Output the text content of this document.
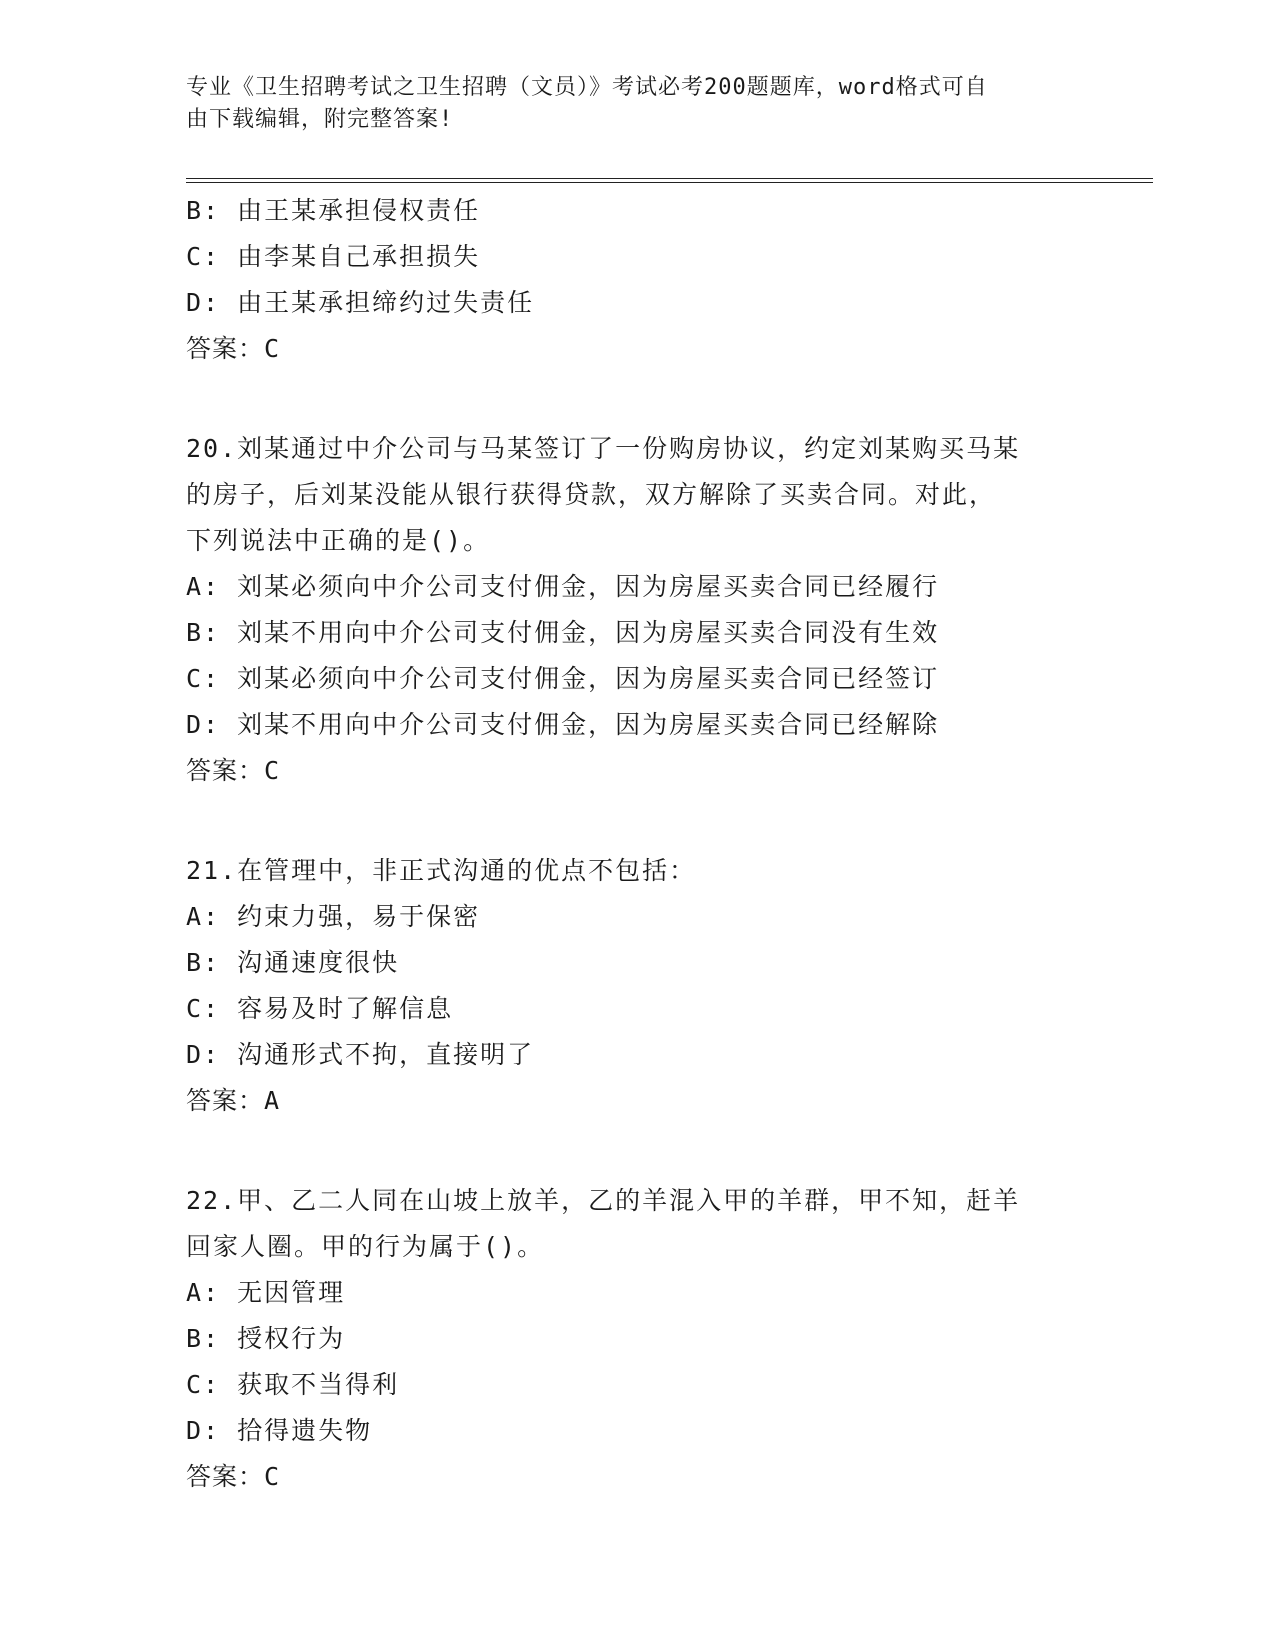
专业《卫生招聘考试之卫生招聘（文员）》考试必考200题题库，word格式可自
由下载编辑，附完整答案!
B: 由王某承担侵权责任
C: 由李某自己承担损失
D: 由王某承担缔约过失责任
答案：C
20.刘某通过中介公司与马某签订了一份购房协议，约定刘某购买马某
的房子，后刘某没能从银行获得贷款，双方解除了买卖合同。对此，
下列说法中正确的是()。
A: 刘某必须向中介公司支付佣金，因为房屋买卖合同已经履行
B: 刘某不用向中介公司支付佣金，因为房屋买卖合同没有生效
C: 刘某必须向中介公司支付佣金，因为房屋买卖合同已经签订
D: 刘某不用向中介公司支付佣金，因为房屋买卖合同已经解除
答案：C
21.在管理中，非正式沟通的优点不包括：
A: 约束力强，易于保密
B: 沟通速度很快
C: 容易及时了解信息
D: 沟通形式不拘，直接明了
答案：A
22.甲、乙二人同在山坡上放羊，乙的羊混入甲的羊群，甲不知，赶羊
回家人圈。甲的行为属于()。
A: 无因管理
B: 授权行为
C: 获取不当得利
D: 拾得遗失物
答案：C
